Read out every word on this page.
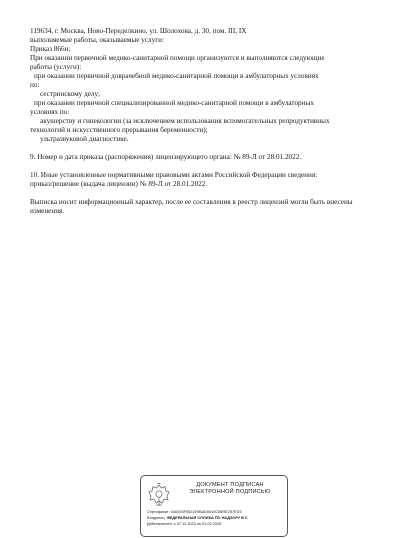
119634, г. Москва, Ново-Переделкино, ул. Шолохова, д. 30, пом. III, IX
выполняемые работы, оказываемые услуги:
Приказ 866н;
При оказании первичной медико-санитарной помощи организуются и выполняются следующие
работы (услуги):
при оказании первичной доврачебной медико-санитарной помощи в амбулаторных условиях
по:
сестринскому делу;
при оказании первичной специализированной медико-санитарной помощи в амбулаторных
условиях по:
акушерству и гинекологии (за исключением использования вспомогательных репродуктивных
технологий и искусственного прерывания беременности);
ультразвуковой диагностике.
9. Номер и дата приказа (распоряжения) лицензирующего органа: № 89-Л от 28.01.2022.
10. Иные установленные нормативными правовыми актами Российской Федерации сведения:
приказ/решение (выдача лицензии) № 89-Л от 28.01.2022.
Выписка носит информационный характер, после ее составления в реестр лицензий могли быть внесены изменения.
ДОКУМЕНТ ПОДПИСАН
ЭЛЕКТРОННОЙ ПОДПИСЬЮ
Сертификат: 44A393F5521E9BAD0610CBE9E257ED3
Владелец: ФЕДЕРАЛЬНАЯ СЛУЖБА ПО НАДЗОРУ В С
Действителен: с 07.12.2023 по 01.03.2025
